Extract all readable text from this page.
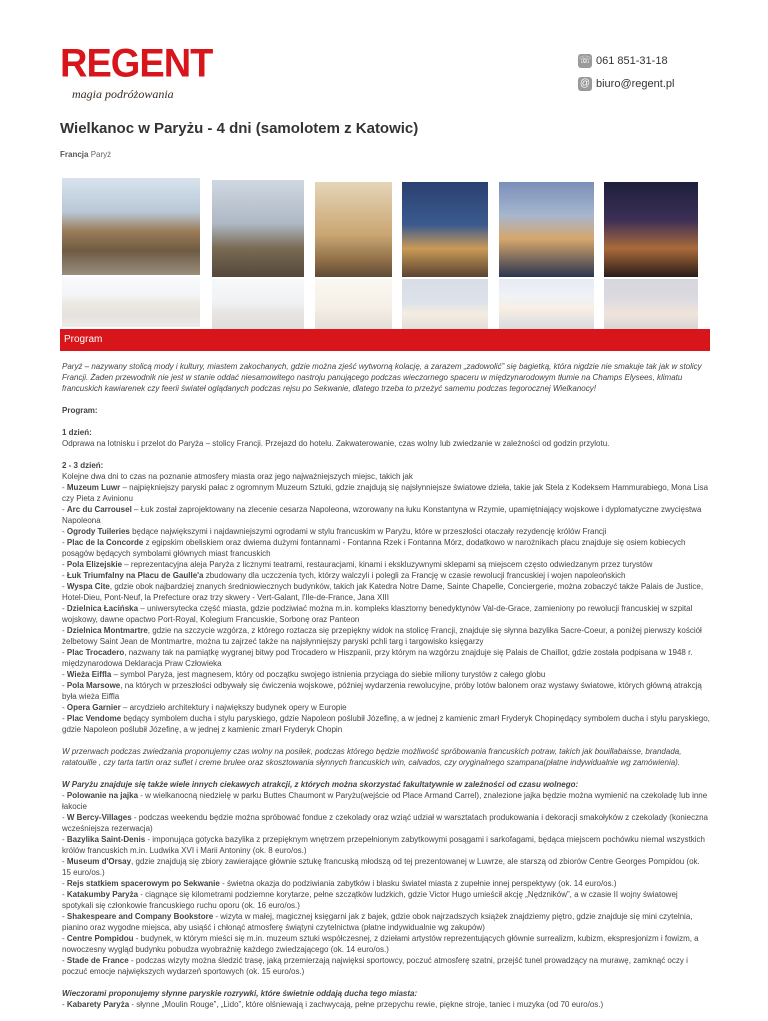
REGENT
magia podróżowania
☏ 061 851-31-18
@ biuro@regent.pl
Wielkanoc w Paryżu - 4 dni (samolotem z Katowic)
Francja Paryż
Program

Paryż – nazywany stolicą mody i kultury, miastem zakochanych, gdzie można zjeść wytworną kolację, a zarazem „zadowolić” się bagietką, która nigdzie nie smakuje tak jak w stolicy Francji. Żaden przewodnik nie jest w stanie oddać niesamowitego nastroju panującego podczas wieczornego spaceru w międzynarodowym tłumie na Champs Elysees, klimatu francuskich kawiarenek czy feerii świateł oglądanych podczas rejsu po Sekwanie, dlatego trzeba to przeżyć samemu podczas tegorocznej Wielkanocy!

Program:

1 dzień:
Odprawa na lotnisku i przelot do Paryża – stolicy Francji. Przejazd do hotelu. Zakwaterowanie, czas wolny lub zwiedzanie w zależności od godzin przylotu.

2 - 3 dzień:
Kolejne dwa dni to czas na poznanie atmosfery miasta oraz jego najważniejszych miejsc, takich jak
- Muzeum Luwr – najpiękniejszy paryski pałac z ogromnym Muzeum Sztuki, gdzie znajdują się najsłynniejsze światowe dzieła, takie jak Stela z Kodeksem Hammurabiego, Mona Lisa czy Pieta z Avinionu
- Arc du Carrousel – Łuk został zaprojektowany na zlecenie cesarza Napoleona, wzorowany na łuku Konstantyna w Rzymie, upamiętniający wojskowe i dyplomatyczne zwycięstwa Napoleona
- Ogrody Tuileries będące największymi i najdawniejszymi ogrodami w stylu francuskim w Paryżu, które w przeszłości otaczały rezydencję królów Francji
- Plac de la Concorde z egipskim obeliskiem oraz dwiema dużymi fontannami - Fontanna Rzek i Fontanna Mórz, dodatkowo w narożnikach placu znajduje się osiem kobiecych posągów będących symbolami głównych miast francuskich
- Pola Elizejskie – reprezentacyjna aleja Paryża z licznymi teatrami, restauracjami, kinami i ekskluzywnymi sklepami są miejscem często odwiedzanym przez turystów
- Łuk Triumfalny na Placu de Gaulle'a zbudowany dla uczczenia tych, którzy walczyli i polegli za Francję w czasie rewolucji francuskiej i wojen napoleońskich
- Wyspa Cite, gdzie obok najbardziej znanych średniowiecznych budynków, takich jak Katedra Notre Dame, Sainte Chapelle, Conciergerie, można zobaczyć także Palais de Justice, Hotel-Dieu, Pont-Neuf, la Prefecture oraz trzy skwery - Vert-Galant, l'Ile-de-France, Jana XIII
- Dzielnica Łacińska – uniwersytecka część miasta, gdzie podziwiać można m.in. kompleks klasztorny benedyktynów Val-de-Grace, zamieniony po rewolucji francuskiej w szpital wojskowy, dawne opactwo Port-Royal, Kolegium Francuskie, Sorbonę oraz Panteon
- Dzielnica Montmartre, gdzie na szczycie wzgórza, z którego roztacza się przepiękny widok na stolicę Francji, znajduje się słynna bazylika Sacre-Coeur, a poniżej pierwszy kościół żelbetowy Saint Jean de Montmartre, można tu zajrzeć także na najsłynniejszy paryski pchli targ i targowisko księgarzy
- Plac Trocadero, nazwany tak na pamiątkę wygranej bitwy pod Trocadero w Hiszpanii, przy którym na wzgórzu znajduje się Palais de Chaillot, gdzie została podpisana w 1948 r. międzynarodowa Deklaracja Praw Człowieka
- Wieża Eiffla – symbol Paryża, jest magnesem, który od początku swojego istnienia przyciąga do siebie miliony turystów z całego globu
- Pola Marsowe, na których w przeszłości odbywały się ćwiczenia wojskowe, później wydarzenia rewolucyjne, próby lotów balonem oraz wystawy światowe, których główną atrakcją była wieża Eiffla
- Opera Garnier – arcydzieło architektury i największy budynek opery w Europie
- Plac Vendome będący symbolem ducha i stylu paryskiego, gdzie Napoleon poślubił Józefinę, a w jednej z kamienic zmarł Fryderyk Chopinędący symbolem ducha i stylu paryskiego, gdzie Napoleon poślubił Józefinę, a w jednej z kamienic zmarł Fryderyk Chopin

W przerwach podczas zwiedzania proponujemy czas wolny na posiłek, podczas którego będzie możliwość spróbowania francuskich potraw, takich jak bouillabaisse, brandada, ratatouille , czy tarta tartin oraz suflet i creme brulee oraz skosztowania słynnych francuskich win, calvados, czy oryginalnego szampana(płatne indywidualnie wg zamówienia).

W Paryżu znajduje się także wiele innych ciekawych atrakcji, z których można skorzystać fakultatywnie w zależności od czasu wolnego:
- Polowanie na jajka - w wielkanocną niedzielę w parku Buttes Chaumont w Paryżu(wejście od Place Armand Carrel), znalezione jajka będzie można wymienić na czekoladę lub inne łakocie
- W Bercy-Villages - podczas weekendu będzie można spróbować fondue z czekolady oraz wziąć udział w warsztatach produkowania i dekoracji smakołyków z czekolady (konieczna wcześniejsza rezerwacja)
- Bazylika Saint-Denis - imponująca gotycka bazylika z przepięknym wnętrzem przepełnionym zabytkowymi posągami i sarkofagami, będąca miejscem pochówku niemal wszystkich królów francuskich m.in. Ludwika XVI i Marii Antoniny (ok. 8 euro/os.)
- Museum d'Orsay, gdzie znajdują się zbiory zawierające głównie sztukę francuską młodszą od tej prezentowanej w Luwrze, ale starszą od zbiorów Centre Georges Pompidou (ok. 15 euro/os.)
- Rejs statkiem spacerowym po Sekwanie - świetna okazja do podziwiania zabytków i blasku świateł miasta z zupełnie innej perspektywy (ok. 14 euro/os.)
- Katakumby Paryża - ciągnące się kilometrami podziemne korytarze, pełne szczątków ludzkich, gdzie Victor Hugo umieścił akcję „Nędzników”, a w czasie II wojny światowej spotykali się członkowie francuskiego ruchu oporu (ok. 16 euro/os.)
- Shakespeare and Company Bookstore - wizyta w małej, magicznej księgarni jak z bajek, gdzie obok najrzadszych książek znajdziemy piętro, gdzie znajduje się mini czytelnia, pianino oraz wygodne miejsca, aby usiąść i chłonąć atmosferę świątyni czytelnictwa (płatne indywidualnie wg zakupów)
- Centre Pompidou - budynek, w którym mieści się m.in. muzeum sztuki współczesnej, z dziełami artystów reprezentujących głównie surrealizm, kubizm, ekspresjonizm i fowizm, a nowoczesny wygląd budynku pobudza wyobraźnię każdego zwiedzającego (ok. 14 euro/os.)
- Stade de France - podczas wizyty można śledzić trasę, jaką przemierzają najwięksi sportowcy, poczuć atmosferę szatni, przejść tunel prowadzący na murawę, zamknąć oczy i poczuć emocje największych wydarzeń sportowych (ok. 15 euro/os.)

Wieczorami proponujemy słynne paryskie rozrywki, które świetnie oddają ducha tego miasta:
- Kabarety Paryża - słynne „Moulin Rouge”, „Lido”, które olśniewają i zachwycają, pełne przepychu rewie, piękne stroje, taniec i muzyka (od 70 euro/os.)
